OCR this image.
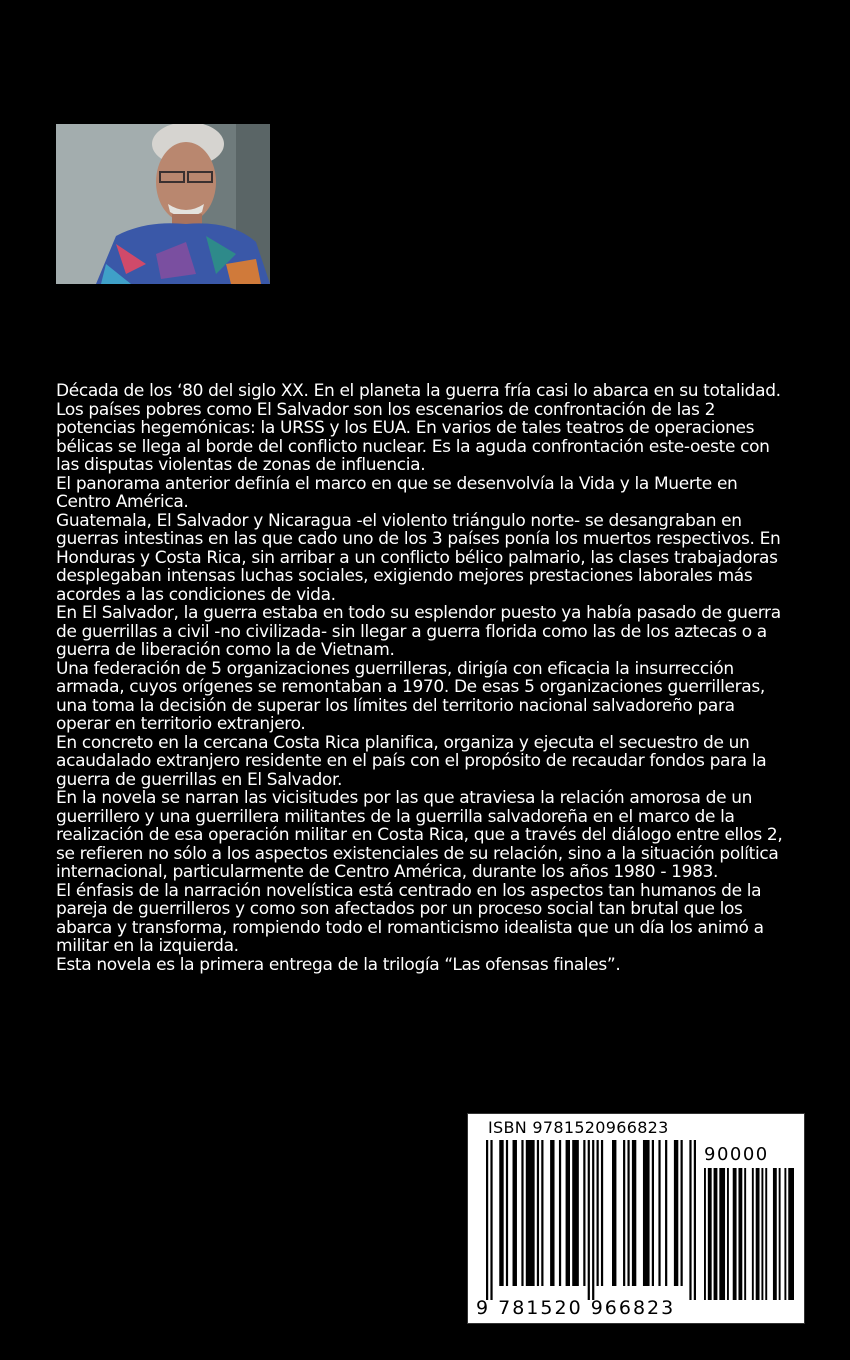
Década de los ‘80 del siglo XX. En el planeta la guerra fría casi lo abarca en su totalidad. Los países pobres como El Salvador son los escenarios de confrontación de las 2 potencias hegemónicas: la URSS y los EUA. En varios de tales teatros de operaciones bélicas se llega al borde del conflicto nuclear. Es la aguda confrontación este-oeste con las disputas violentas de zonas de influencia.

El panorama anterior definía el marco en que se desenvolvía la Vida y la Muerte en Centro América.

Guatemala, El Salvador y Nicaragua -el violento triángulo norte- se desangraban en guerras intestinas en las que cado uno de los 3 países ponía los muertos respectivos. En Honduras y Costa Rica, sin arribar a un conflicto bélico palmario, las clases trabajadoras desplegaban intensas luchas sociales, exigiendo mejores prestaciones laborales más acordes a las condiciones de vida.

En El Salvador, la guerra estaba en todo su esplendor puesto ya había pasado de guerra de guerrillas a civil -no civilizada- sin llegar a guerra florida como las de los aztecas o a guerra de liberación como la de Vietnam.

Una federación de 5 organizaciones guerrilleras, dirigía con eficacia la insurrección armada, cuyos orígenes se remontaban a 1970. De esas 5 organizaciones guerrilleras, una toma la decisión de superar los límites del territorio nacional salvadoreño para operar en territorio extranjero.

En concreto en la cercana Costa Rica planifica, organiza y ejecuta el secuestro de un acaudalado extranjero residente en el país con el propósito de recaudar fondos para la guerra de guerrillas en El Salvador.

En la novela se narran las vicisitudes por las que atraviesa la relación amorosa de un guerrillero y una guerrillera militantes de la guerrilla salvadoreña en el marco de la realización de esa operación militar en Costa Rica, que a través del diálogo entre ellos 2, se refieren no sólo a los aspectos existenciales de su relación, sino a la situación política internacional, particularmente de Centro América, durante los años 1980 - 1983.

El énfasis de la narración novelística está centrado en los aspectos tan humanos de la pareja de guerrilleros y como son afectados por un proceso social tan brutal que los abarca y transforma, rompiendo todo el romanticismo idealista que un día los animó a militar en la izquierda.

Esta novela es la primera entrega de la trilogía “Las ofensas finales”.

ISBN 9781520966823
90000
9 781520 966823
